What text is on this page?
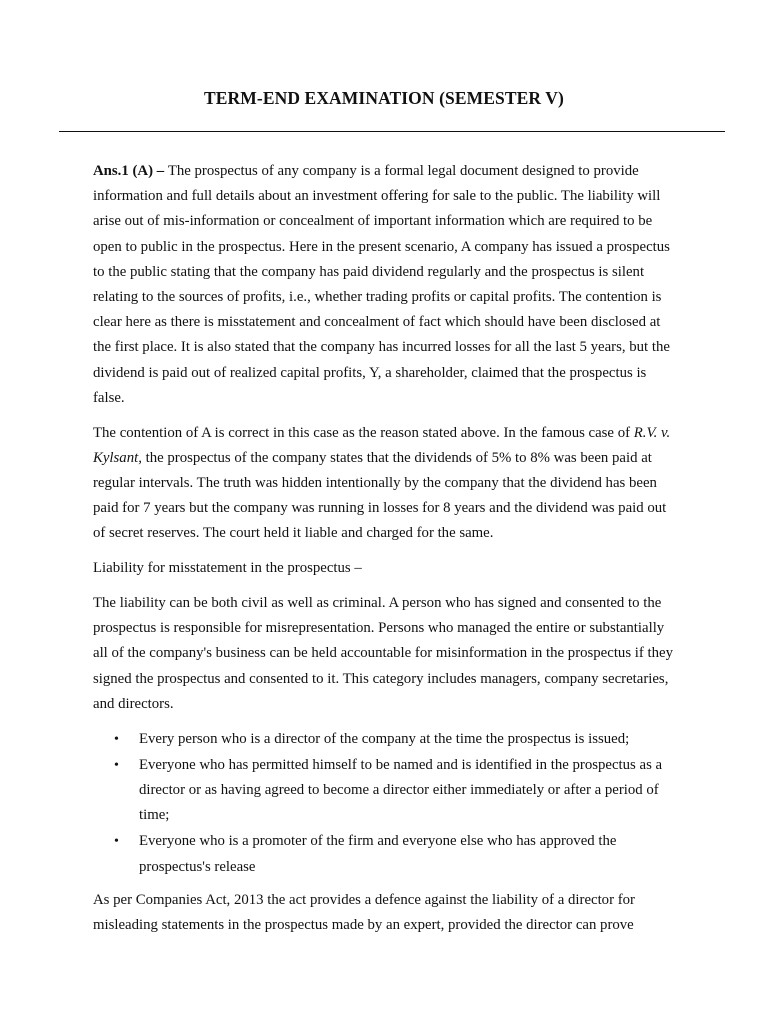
TERM-END EXAMINATION (SEMESTER V)

Ans.1 (A) – The prospectus of any company is a formal legal document designed to provide information and full details about an investment offering for sale to the public. The liability will arise out of mis-information or concealment of important information which are required to be open to public in the prospectus. Here in the present scenario, A company has issued a prospectus to the public stating that the company has paid dividend regularly and the prospectus is silent relating to the sources of profits, i.e., whether trading profits or capital profits. The contention is clear here as there is misstatement and concealment of fact which should have been disclosed at the first place. It is also stated that the company has incurred losses for all the last 5 years, but the dividend is paid out of realized capital profits, Y, a shareholder, claimed that the prospectus is false.

The contention of A is correct in this case as the reason stated above. In the famous case of R.V. v. Kylsant, the prospectus of the company states that the dividends of 5% to 8% was been paid at regular intervals. The truth was hidden intentionally by the company that the dividend has been paid for 7 years but the company was running in losses for 8 years and the dividend was paid out of secret reserves. The court held it liable and charged for the same.

Liability for misstatement in the prospectus –

The liability can be both civil as well as criminal. A person who has signed and consented to the prospectus is responsible for misrepresentation. Persons who managed the entire or substantially all of the company's business can be held accountable for misinformation in the prospectus if they signed the prospectus and consented to it. This category includes managers, company secretaries, and directors.

• Every person who is a director of the company at the time the prospectus is issued;
• Everyone who has permitted himself to be named and is identified in the prospectus as a director or as having agreed to become a director either immediately or after a period of time;
• Everyone who is a promoter of the firm and everyone else who has approved the prospectus's release

As per Companies Act, 2013 the act provides a defence against the liability of a director for misleading statements in the prospectus made by an expert, provided the director can prove
